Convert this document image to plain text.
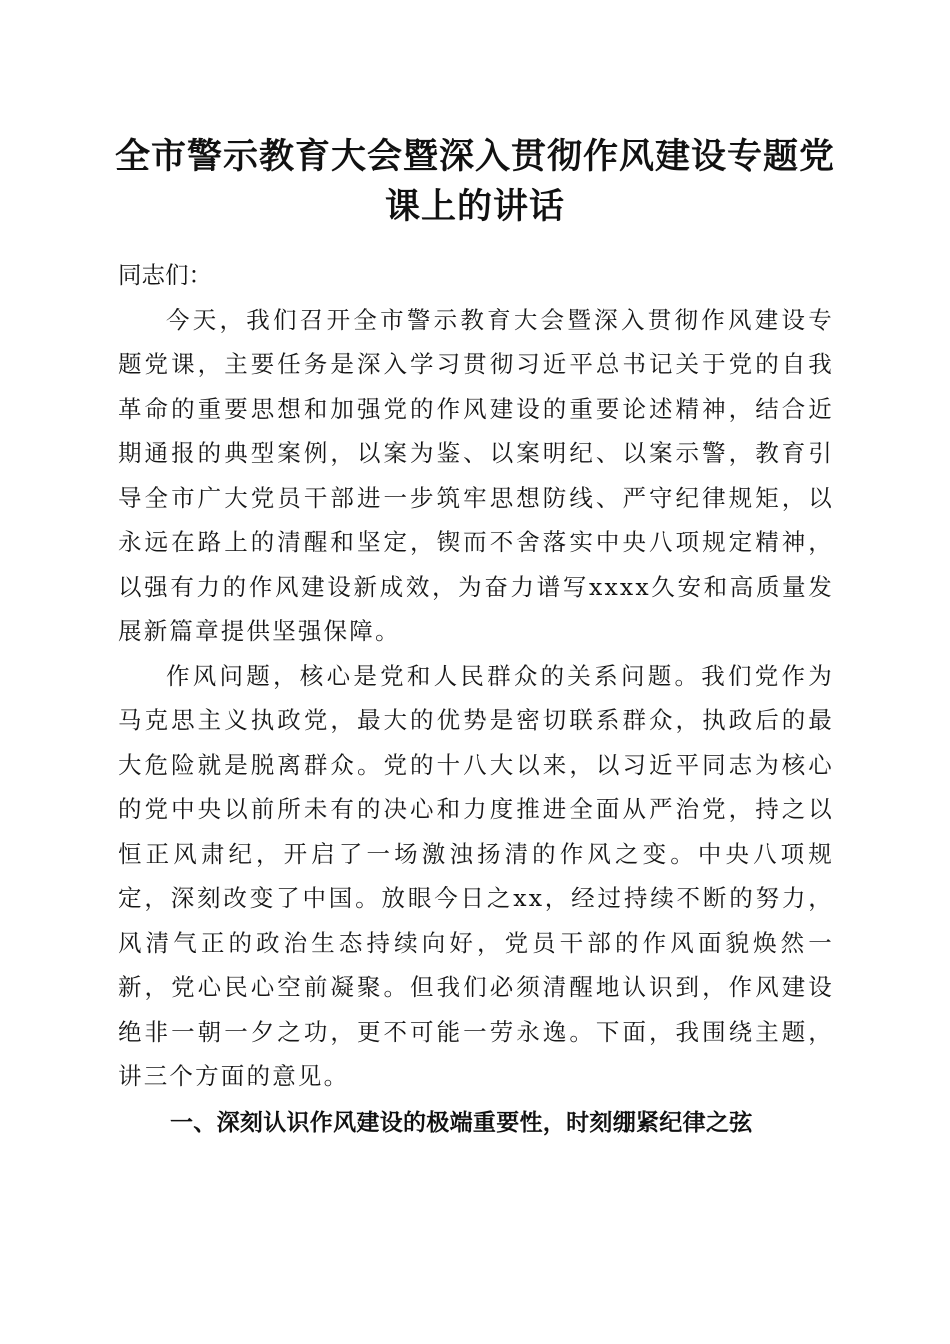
全市警示教育大会暨深入贯彻作风建设专题党课上的讲话

同志们：

今天，我们召开全市警示教育大会暨深入贯彻作风建设专题党课，主要任务是深入学习贯彻习近平总书记关于党的自我革命的重要思想和加强党的作风建设的重要论述精神，结合近期通报的典型案例，以案为鉴、以案明纪、以案示警，教育引导全市广大党员干部进一步筑牢思想防线、严守纪律规矩，以永远在路上的清醒和坚定，锲而不舍落实中央八项规定精神，以强有力的作风建设新成效，为奋力谱写xxxx久安和高质量发展新篇章提供坚强保障。

作风问题，核心是党和人民群众的关系问题。我们党作为马克思主义执政党，最大的优势是密切联系群众，执政后的最大危险就是脱离群众。党的十八大以来，以习近平同志为核心的党中央以前所未有的决心和力度推进全面从严治党，持之以恒正风肃纪，开启了一场激浊扬清的作风之变。中央八项规定，深刻改变了中国。放眼今日之xx，经过持续不断的努力，风清气正的政治生态持续向好，党员干部的作风面貌焕然一新，党心民心空前凝聚。但我们必须清醒地认识到，作风建设绝非一朝一夕之功，更不可能一劳永逸。下面，我围绕主题，讲三个方面的意见。

一、深刻认识作风建设的极端重要性，时刻绷紧纪律之弦
